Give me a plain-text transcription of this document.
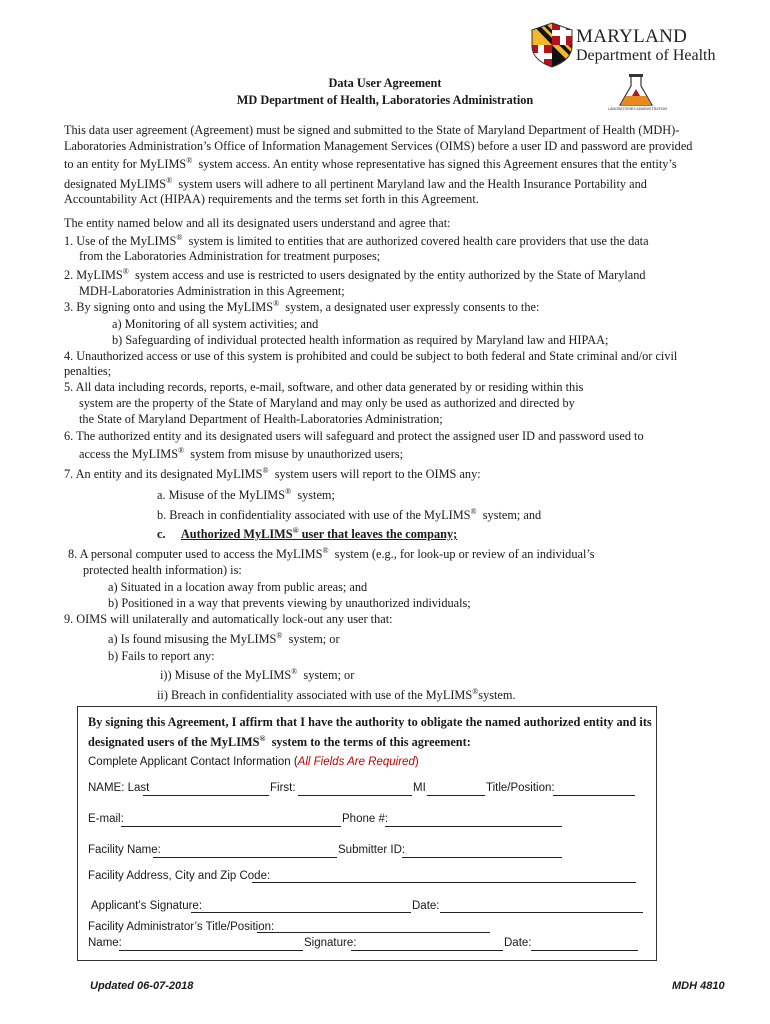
MARYLAND
Department of Health
LABORATORIES ADMINISTRATION
Data User Agreement
MD Department of Health, Laboratories Administration
This data user agreement (Agreement) must be signed and submitted to the State of Maryland Department of Health (MDH)-
Laboratories Administration’s Office of Information Management Services (OIMS) before a user ID and password are provided
to an entity for MyLIMS® system access. An entity whose representative has signed this Agreement ensures that the entity’s
designated MyLIMS® system users will adhere to all pertinent Maryland law and the Health Insurance Portability and
Accountability Act (HIPAA) requirements and the terms set forth in this Agreement.
The entity named below and all its designated users understand and agree that:
1. Use of the MyLIMS® system is limited to entities that are authorized covered health care providers that use the data
from the Laboratories Administration for treatment purposes;
2. MyLIMS® system access and use is restricted to users designated by the entity authorized by the State of Maryland
MDH-Laboratories Administration in this Agreement;
3. By signing onto and using the MyLIMS® system, a designated user expressly consents to the:
a) Monitoring of all system activities; and
b) Safeguarding of individual protected health information as required by Maryland law and HIPAA;
4. Unauthorized access or use of this system is prohibited and could be subject to both federal and State criminal and/or civil
penalties;
5. All data including records, reports, e-mail, software, and other data generated by or residing within this
system are the property of the State of Maryland and may only be used as authorized and directed by
the State of Maryland Department of Health-Laboratories Administration;
6. The authorized entity and its designated users will safeguard and protect the assigned user ID and password used to
access the MyLIMS® system from misuse by unauthorized users;
7. An entity and its designated MyLIMS® system users will report to the OIMS any:
a. Misuse of the MyLIMS® system;
b. Breach in confidentiality associated with use of the MyLIMS® system; and
c. Authorized MyLIMS® user that leaves the company;
8. A personal computer used to access the MyLIMS® system (e.g., for look-up or review of an individual’s
protected health information) is:
a) Situated in a location away from public areas; and
b) Positioned in a way that prevents viewing by unauthorized individuals;
9. OIMS will unilaterally and automatically lock-out any user that:
a) Is found misusing the MyLIMS® system; or
b) Fails to report any:
i)) Misuse of the MyLIMS® system; or
ii) Breach in confidentiality associated with use of the MyLIMS®system.
By signing this Agreement, I affirm that I have the authority to obligate the named authorized entity and its
designated users of the MyLIMS® system to the terms of this agreement:
Complete Applicant Contact Information (All Fields Are Required)
NAME: Last	First:	MI	Title/Position:
E-mail:	Phone #:
Facility Name:	Submitter ID:
Facility Address, City and Zip Code:
Applicant’s Signature:	Date:
Facility Administrator’s Title/Position:
Name:	Signature:	Date:
Updated 06-07-2018	MDH 4810
